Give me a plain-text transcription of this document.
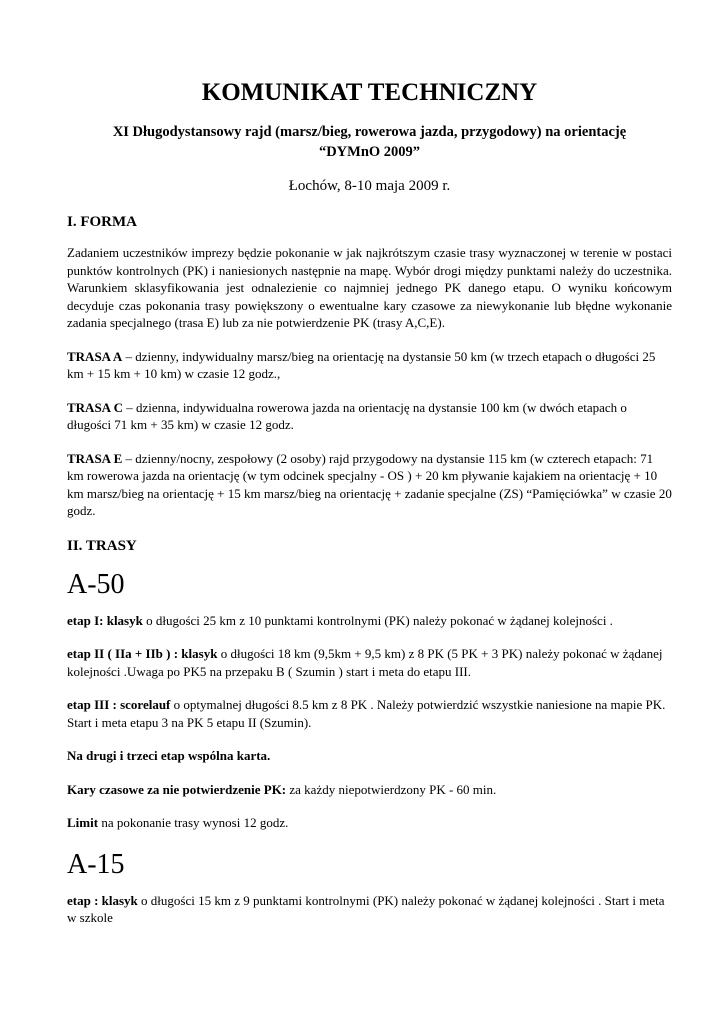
KOMUNIKAT TECHNICZNY
XI Długodystansowy rajd (marsz/bieg, rowerowa jazda, przygodowy) na orientację
“DYMnO 2009”
Łochów, 8-10 maja 2009 r.
I. FORMA

Zadaniem uczestników imprezy będzie pokonanie w jak najkrótszym czasie trasy wyznaczonej w terenie w postaci punktów kontrolnych (PK) i naniesionych następnie na mapę. Wybór drogi między punktami należy do uczestnika. Warunkiem sklasyfikowania jest odnalezienie co najmniej jednego PK danego etapu. O wyniku końcowym decyduje czas pokonania trasy powiększony o ewentualne kary czasowe za niewykonanie lub błędne wykonanie zadania specjalnego (trasa E) lub za nie potwierdzenie PK (trasy A,C,E).

TRASA A – dzienny, indywidualny marsz/bieg na orientację na dystansie 50 km (w trzech etapach o długości 25 km + 15 km + 10 km) w czasie 12 godz.,

TRASA C – dzienna, indywidualna rowerowa jazda na orientację na dystansie 100 km (w dwóch etapach o długości 71 km + 35 km) w czasie 12 godz.

TRASA E – dzienny/nocny, zespołowy (2 osoby) rajd przygodowy na dystansie 115 km (w czterech etapach: 71 km rowerowa jazda na orientację (w tym odcinek specjalny - OS ) + 20 km pływanie kajakiem na orientację + 10 km marsz/bieg na orientację + 15 km marsz/bieg na orientację + zadanie specjalne (ZS) “Pamięciówka” w czasie 20 godz.

II. TRASY
A-50

etap I: klasyk o długości 25 km z 10 punktami kontrolnymi (PK) należy pokonać w żądanej kolejności .

etap II ( IIa + IIb ) : klasyk o długości 18 km (9,5km + 9,5 km) z 8 PK (5 PK + 3 PK) należy pokonać w żądanej kolejności .Uwaga po PK5 na przepaku B ( Szumin ) start i meta do etapu III.

etap III : scorelauf o optymalnej długości 8.5 km z 8 PK . Należy potwierdzić wszystkie naniesione na mapie PK. Start i meta etapu 3 na PK 5 etapu II (Szumin).

Na drugi i trzeci etap wspólna karta.

Kary czasowe za nie potwierdzenie PK: za każdy niepotwierdzony PK - 60 min.

Limit na pokonanie trasy wynosi 12 godz.

A-15

etap : klasyk o długości 15 km z 9 punktami kontrolnymi (PK) należy pokonać w żądanej kolejności . Start i meta w szkole
